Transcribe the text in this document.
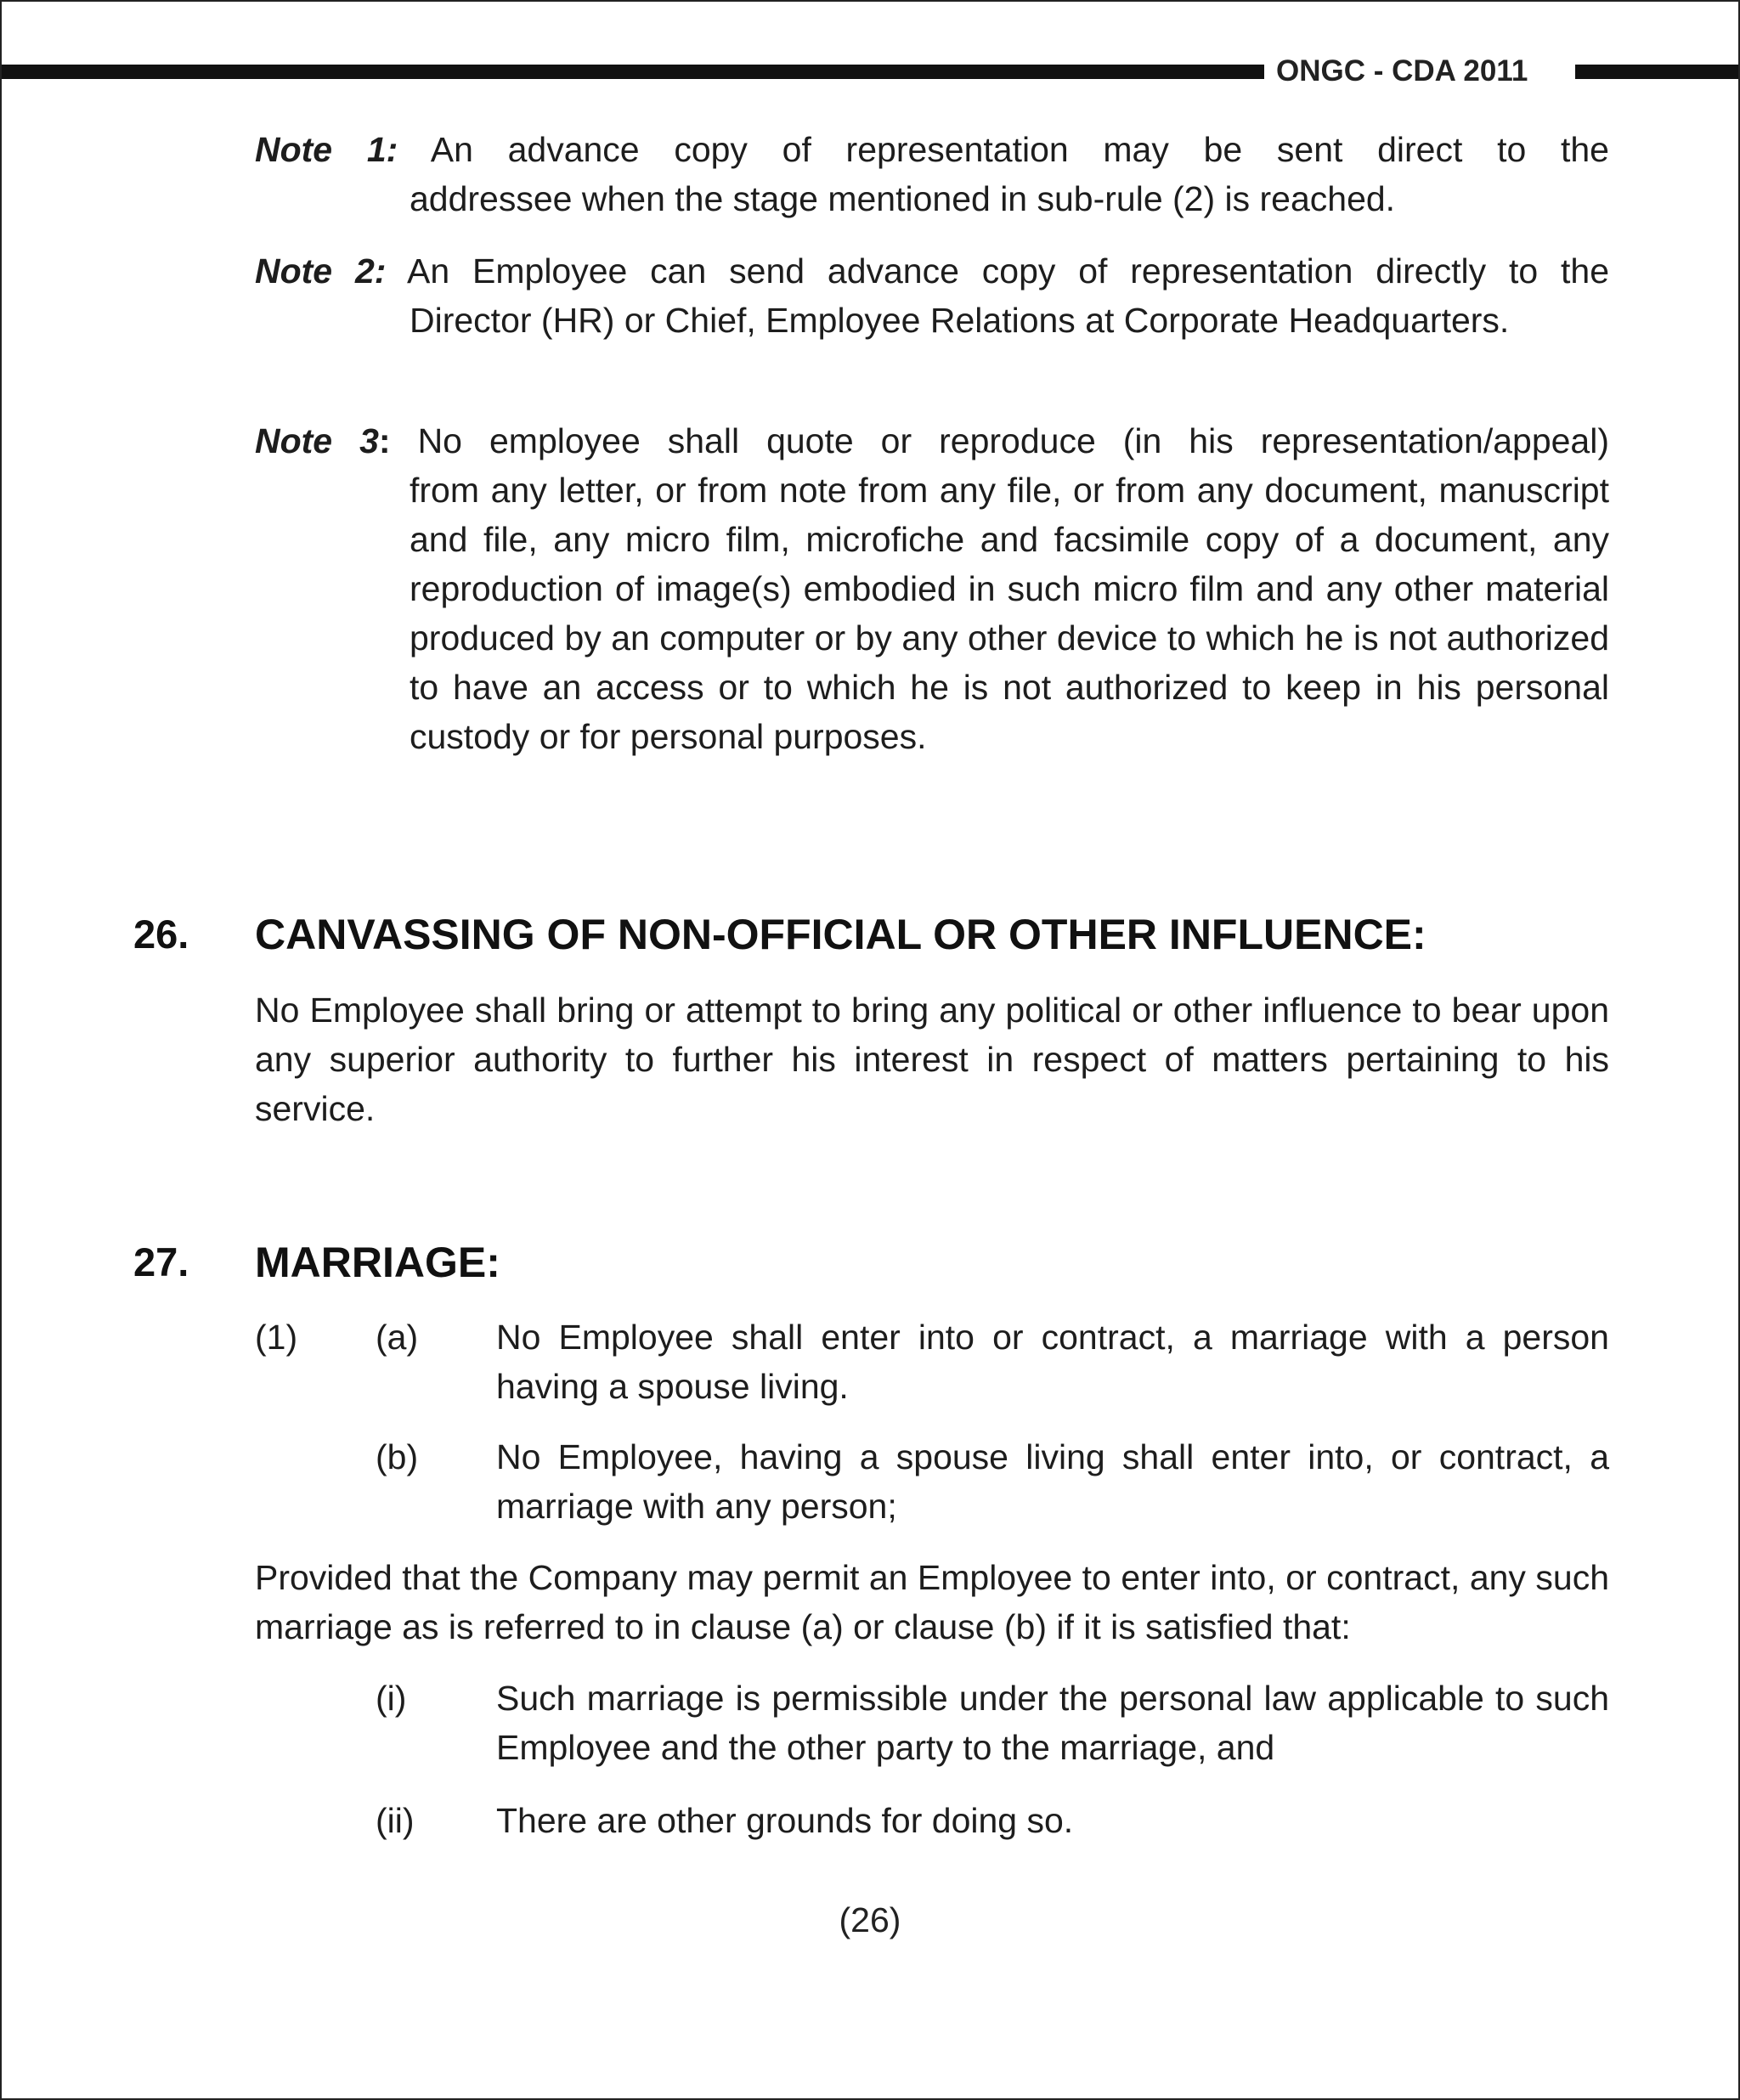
ONGC - CDA 2011
Note 1: An advance copy of representation may be sent direct to the
addressee when the stage mentioned in sub-rule (2) is reached.
Note 2: An Employee can send advance copy of representation directly to the
Director (HR) or Chief, Employee Relations at Corporate Headquarters.
Note 3: No employee shall quote or reproduce (in his representation/appeal)
from any letter, or from note from any file, or from any document, manuscript and file, any micro film, microfiche and facsimile copy of a document, any reproduction of image(s) embodied in such micro film and any other material produced by an computer or by any other device to which he is not authorized to have an access or to which he is not authorized to keep in his personal custody or for personal purposes.
26. CANVASSING OF NON-OFFICIAL OR OTHER INFLUENCE:
No Employee shall bring or attempt to bring any political or other influence to bear upon any superior authority to further his interest in respect of matters pertaining to his service.
27. MARRIAGE:
(1) (a) No Employee shall enter into or contract, a marriage with a person having a spouse living.
(b) No Employee, having a spouse living shall enter into, or contract, a marriage with any person;
Provided that the Company may permit an Employee to enter into, or contract, any such marriage as is referred to in clause (a) or clause (b) if it is satisfied that:
(i)	Such marriage is permissible under the personal law applicable to such Employee and the other party to the marriage, and
(ii) There are other grounds for doing so.
(26)
